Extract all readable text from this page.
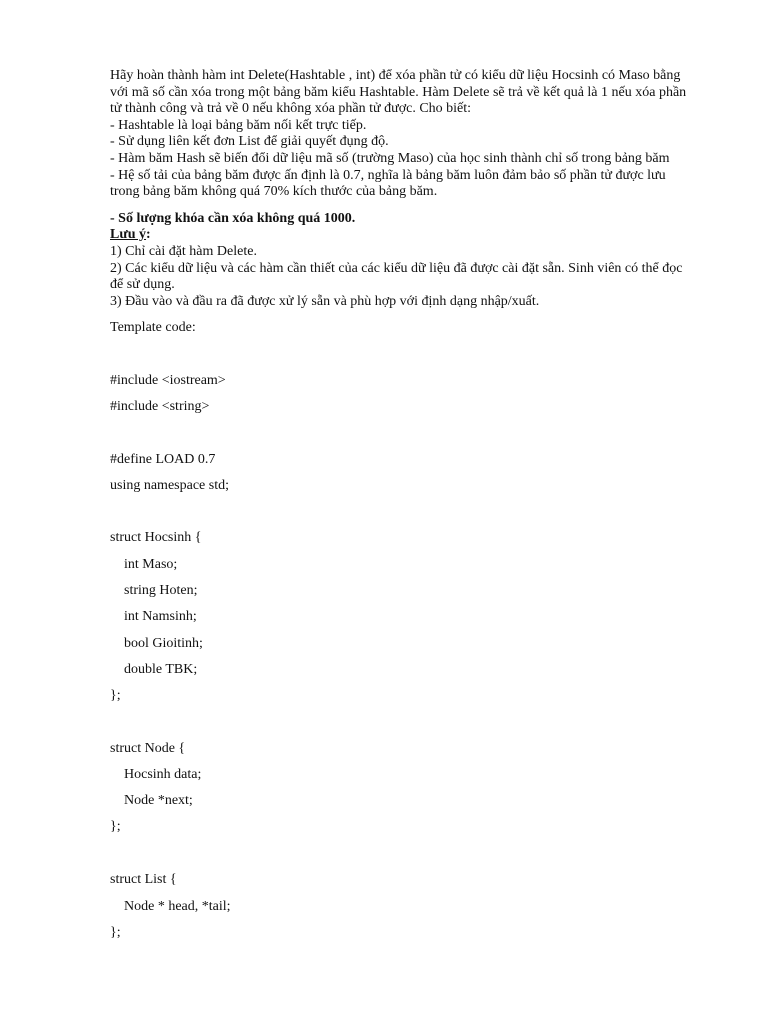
Hãy hoàn thành hàm int Delete(Hashtable , int) để xóa phần tử có kiểu dữ liệu Hocsinh có Maso bằng
với mã số cần xóa trong một bảng băm kiểu Hashtable. Hàm Delete sẽ trả về kết quả là 1 nếu xóa phần
tử thành công và trả về 0 nếu không xóa phần tử được. Cho biết:
- Hashtable là loại bảng băm nối kết trực tiếp.
- Sử dụng liên kết đơn List để giải quyết đụng độ.
- Hàm băm Hash sẽ biến đổi dữ liệu mã số (trường Maso) của học sinh thành chỉ số trong bảng băm
- Hệ số tải của bảng băm được ấn định là 0.7, nghĩa là bảng băm luôn đảm bảo số phần tử được lưu
trong bảng băm không quá 70% kích thước của bảng băm.
- Số lượng khóa cần xóa không quá 1000.
Lưu ý:
1) Chỉ cài đặt hàm Delete.
2) Các kiểu dữ liệu và các hàm cần thiết của các kiểu dữ liệu đã được cài đặt sẵn. Sinh viên có thể đọc
để sử dụng.
3) Đầu vào và đầu ra đã được xử lý sẵn và phù hợp với định dạng nhập/xuất.
Template code:
#include <iostream>
#include <string>
#define LOAD 0.7
using namespace std;
struct Hocsinh {
int Maso;
string Hoten;
int Namsinh;
bool Gioitinh;
double TBK;
};
struct Node {
Hocsinh data;
Node *next;
};
struct List {
Node * head, *tail;
};
